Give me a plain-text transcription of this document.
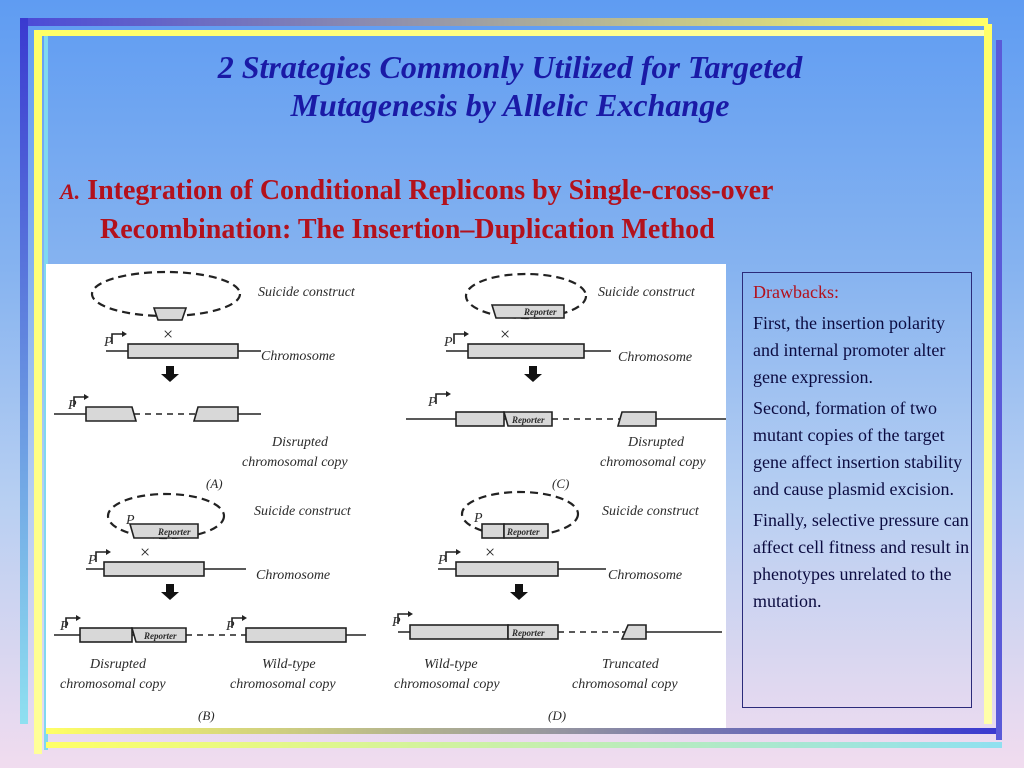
2 Strategies Commonly Utilized for Targeted
Mutagenesis by Allelic Exchange
A. Integration of Conditional Replicons by Single-cross-over
Recombination: The Insertion–Duplication Method
×	×
×	×
P
P
P
P
P
P
P	P
P
P
P
Reporter
Reporter
Reporter
Reporter
Reporter
Reporter
Suicide construct
Chromosome
Disrupted
chromosomal copy
Suicide construct
Chromosome
Disrupted
chromosomal copy
Suicide construct
Chromosome
Disrupted
chromosomal copy
Wild-type
chromosomal copy
Suicide construct
Chromosome
Wild-type
chromosomal copy
Truncated
chromosomal copy
(A)	(C)
(B)	(D)
Drawbacks:

First, the insertion polarity and internal promoter alter gene expression.

Second, formation of two mutant copies of the target gene affect insertion stability and cause plasmid excision.

Finally, selective pressure can affect cell fitness and result in phenotypes unrelated to the mutation.
